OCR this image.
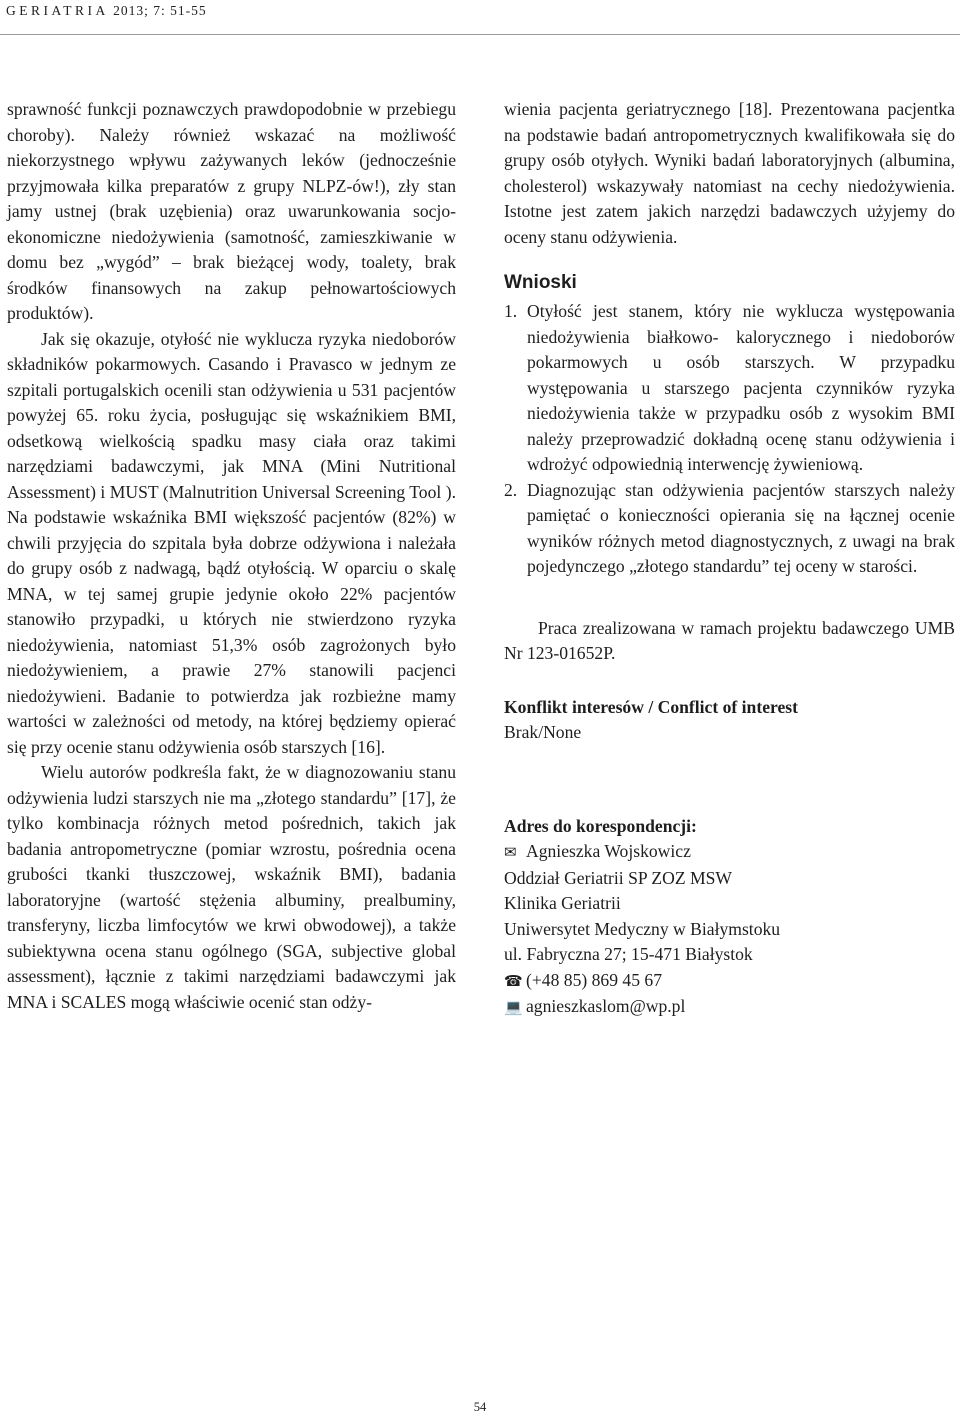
GERIATRIA 2013; 7: 51-55

sprawność funkcji poznawczych prawdopodobnie w przebiegu choroby). Należy również wskazać na możliwość niekorzystnego wpływu zażywanych leków (jednocześnie przyjmowała kilka preparatów z grupy NLPZ-ów!), zły stan jamy ustnej (brak uzębienia) oraz uwarunkowania socjo-ekonomiczne niedożywienia (samotność, zamieszkiwanie w domu bez „wygód” – brak bieżącej wody, toalety, brak środków finansowych na zakup pełnowartościowych produktów).

Jak się okazuje, otyłość nie wyklucza ryzyka niedoborów składników pokarmowych. Casando i Pravasco w jednym ze szpitali portugalskich ocenili stan odżywienia u 531 pacjentów powyżej 65. roku życia, posługując się wskaźnikiem BMI, odsetkową wielkością spadku masy ciała oraz takimi narzędziami badawczymi, jak MNA (Mini Nutritional Assessment) i MUST (Malnutrition Universal Screening Tool ). Na podstawie wskaźnika BMI większość pacjentów (82%) w chwili przyjęcia do szpitala była dobrze odżywiona i należała do grupy osób z nadwagą, bądź otyłością. W oparciu o skalę MNA, w tej samej grupie jedynie około 22% pacjentów stanowiło przypadki, u których nie stwierdzono ryzyka niedożywienia, natomiast 51,3% osób zagrożonych było niedożywieniem, a prawie 27% stanowili pacjenci niedożywieni. Badanie to potwierdza jak rozbieżne mamy wartości w zależności od metody, na której będziemy opierać się przy ocenie stanu odżywienia osób starszych [16].

Wielu autorów podkreśla fakt, że w diagnozowaniu stanu odżywienia ludzi starszych nie ma „złotego standardu” [17], że tylko kombinacja różnych metod pośrednich, takich jak badania antropometryczne (pomiar wzrostu, pośrednia ocena grubości tkanki tłuszczowej, wskaźnik BMI), badania laboratoryjne (wartość stężenia albuminy, prealbuminy, transferyny, liczba limfocytów we krwi obwodowej), a także subiektywna ocena stanu ogólnego (SGA, subjective global assessment), łącznie z takimi narzędziami badawczymi jak MNA i SCALES mogą właściwie ocenić stan odży-

wienia pacjenta geriatrycznego [18]. Prezentowana pacjentka na podstawie badań antropometrycznych kwalifikowała się do grupy osób otyłych. Wyniki badań laboratoryjnych (albumina, cholesterol) wskazywały natomiast na cechy niedożywienia. Istotne jest zatem jakich narzędzi badawczych użyjemy do oceny stanu odżywienia.

Wnioski
1. Otyłość jest stanem, który nie wyklucza występowania niedożywienia białkowo- kalorycznego i niedoborów pokarmowych u osób starszych. W przypadku występowania u starszego pacjenta czynników ryzyka niedożywienia także w przypadku osób z wysokim BMI należy przeprowadzić dokładną ocenę stanu odżywienia i wdrożyć odpowiednią interwencję żywieniową.
2. Diagnozując stan odżywienia pacjentów starszych należy pamiętać o konieczności opierania się na łącznej ocenie wyników różnych metod diagnostycznych, z uwagi na brak pojedynczego „złotego standardu” tej oceny w starości.

Praca zrealizowana w ramach projektu badawczego UMB Nr 123-01652P.

Konflikt interesów / Conflict of interest

Brak/None

Adres do korespondencji:

✉ Agnieszka Wojskowicz
Oddział Geriatrii SP ZOZ MSW
Klinika Geriatrii
Uniwersytet Medyczny w Białymstoku
ul. Fabryczna 27; 15-471 Białystok
☎ (+48 85) 869 45 67
💻 agnieszkaslom@wp.pl
54
